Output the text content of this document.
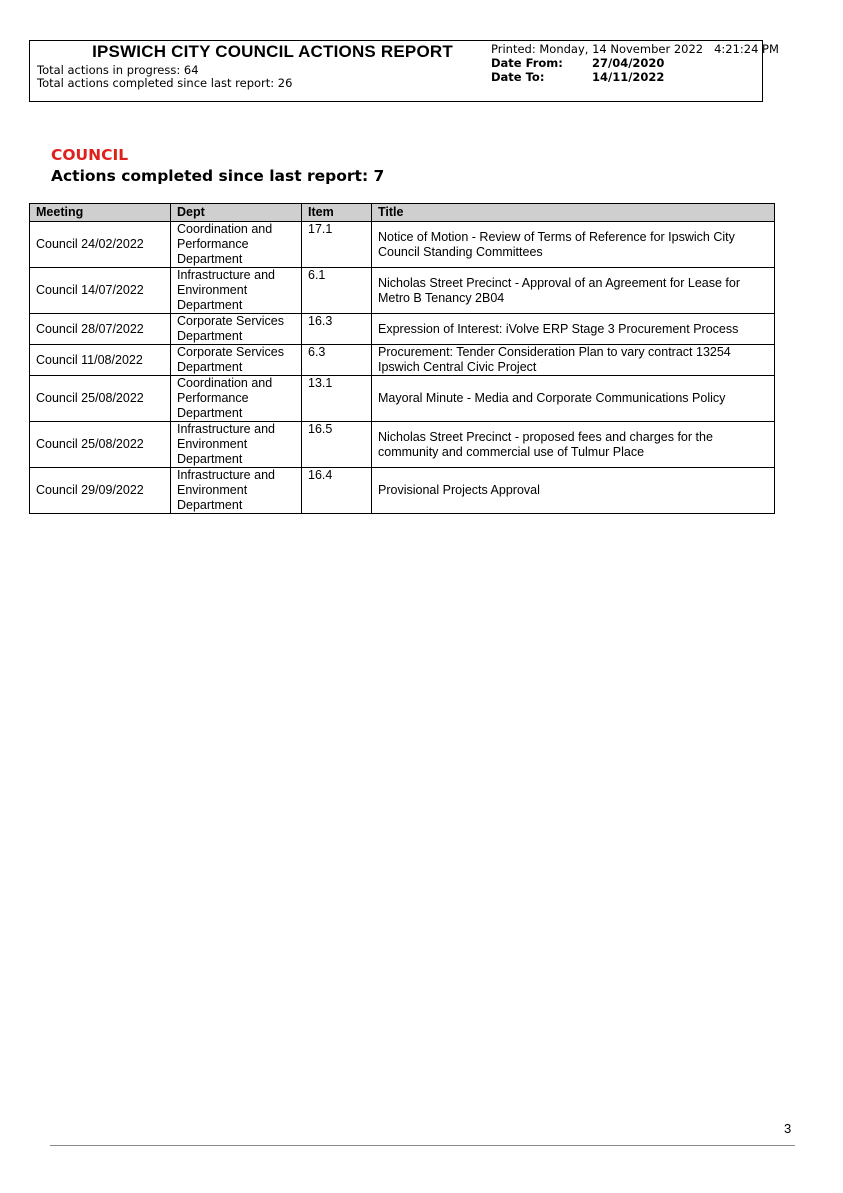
IPSWICH CITY COUNCIL ACTIONS REPORT
Total actions in progress: 64
Total actions completed since last report: 26
Printed: Monday, 14 November 2022   4:21:24 PM
Date From:	27/04/2020
Date To:	14/11/2022
COUNCIL
Actions completed since last report: 7
Meeting	Dept	Item	Title
Council 24/02/2022	Coordination and Performance Department	17.1	Notice of Motion - Review of Terms of Reference for Ipswich City Council Standing Committees
Council 14/07/2022	Infrastructure and Environment Department	6.1	Nicholas Street Precinct - Approval of an Agreement for Lease for Metro B Tenancy 2B04
Council 28/07/2022	Corporate Services Department	16.3	Expression of Interest: iVolve ERP Stage 3 Procurement Process
Council 11/08/2022	Corporate Services Department	6.3	Procurement: Tender Consideration Plan to vary contract 13254 Ipswich Central Civic Project
Council 25/08/2022	Coordination and Performance Department	13.1	Mayoral Minute - Media and Corporate Communications Policy
Council 25/08/2022	Infrastructure and Environment Department	16.5	Nicholas Street Precinct - proposed fees and charges for the community and commercial use of Tulmur Place
Council 29/09/2022	Infrastructure and Environment Department	16.4	Provisional Projects Approval
3
